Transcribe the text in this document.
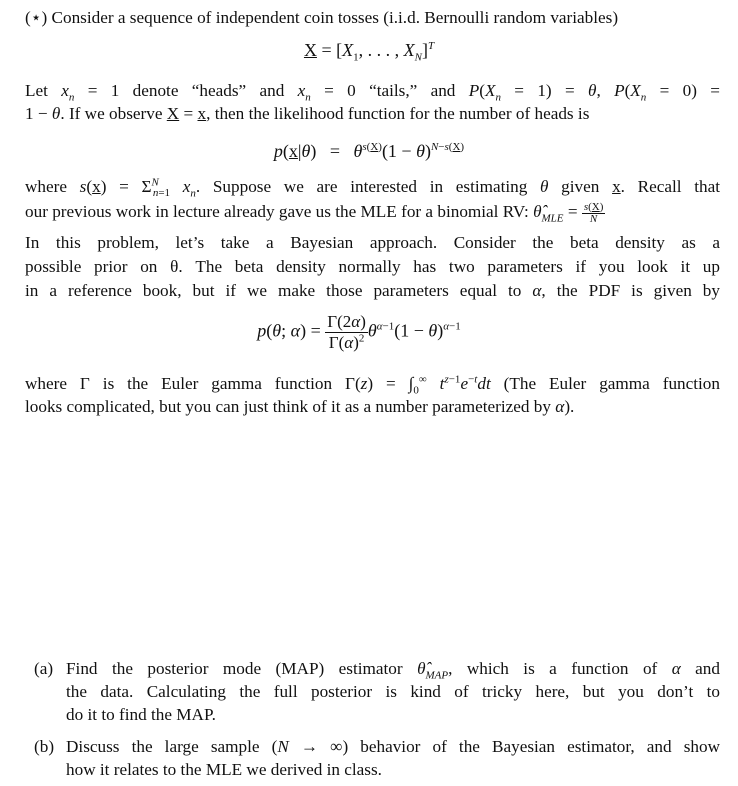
(⋆) Consider a sequence of independent coin tosses (i.i.d. Bernoulli random variables)
$X = [X_1$, . . . , $X_N]^T$
Let $x_n = 1$ denote “heads” and $x_n = 0$ “tails,” and $P(X_n = 1) = \theta$, $P(X_n = 0)$ =
1 − θ. If we observe X = x, then the likelihood function for the number of heads is
$p(x|\theta) = \theta^{s(X)}(1 - \theta)^{N-s(X)}$
where $s(x) = \Sigma^N_{n=1}$ $x_n$. Suppose we are interested in estimating θ given x. Recall that
our previous work in lecture already gave us the MLE for a binomial RV: $\thetâ_{MLE} = \frac{s(X)}{N}$
In this problem, let’s take a Bayesian approach. Consider the beta density as a
possible prior on θ. The beta density normally has two parameters if you look it up
in a reference book, but if we make those parameters equal to α, the PDF is given by
p(θ; $\alpha) = \frac{\Gamma(2\alpha)}{\Gamma(\alpha)^2} \theta^{\alpha-1}(1 - \theta)^{\alpha-1}$
where Γ is the Euler gamma function $\Gamma(z) = \int_0^\infty$ $t^{z-1}e^{-t}dt$ (The Euler gamma function
looks complicated, but you can just think of it as a number parameterized by α).
(a) Find the posterior mode (MAP) estimator $\thetâ_{MAP}$, which is a function of α and
the data. Calculating the full posterior is kind of tricky here, but you don’t to
do it to find the MAP.
(b) Discuss the large sample (N → ∞) behavior of the Bayesian estimator, and show
how it relates to the MLE we derived in class.
